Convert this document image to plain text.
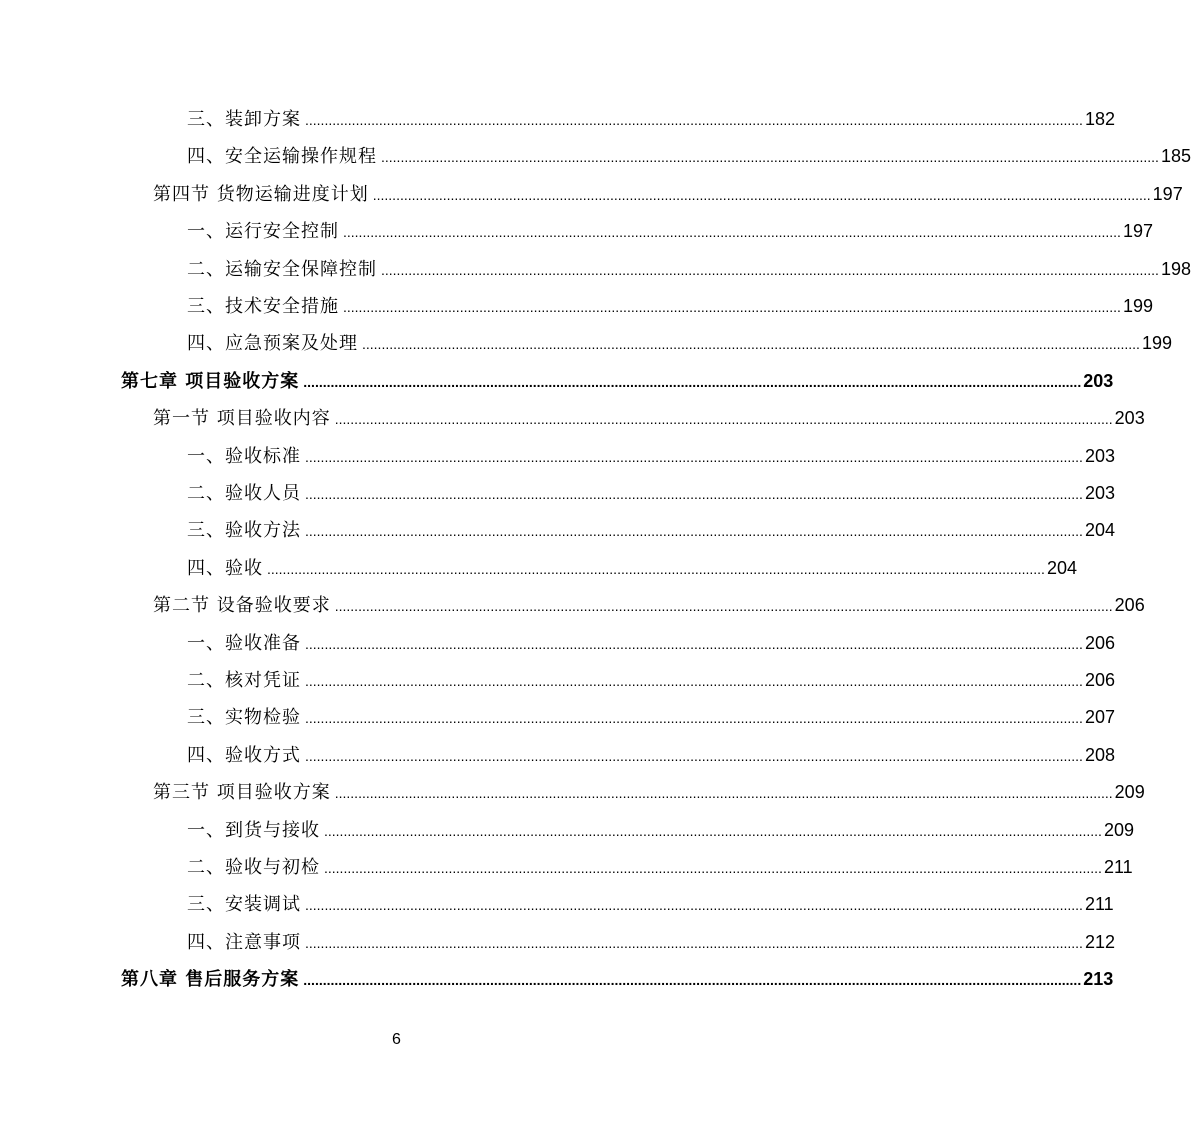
三、装卸方案 ........................................................................................................................................................................................................ 182
四、安全运输操作规程 ........................................................................................................................................................................................................ 185
第四节 货物运输进度计划 ........................................................................................................................................................................................................ 197
一、运行安全控制 ........................................................................................................................................................................................................ 197
二、运输安全保障控制 ........................................................................................................................................................................................................ 198
三、技术安全措施 ........................................................................................................................................................................................................ 199
四、应急预案及处理 ........................................................................................................................................................................................................ 199
第七章 项目验收方案 ........................................................................................................................................................................................................ 203
第一节 项目验收内容 ........................................................................................................................................................................................................ 203
一、验收标准 ........................................................................................................................................................................................................ 203
二、验收人员 ........................................................................................................................................................................................................ 203
三、验收方法 ........................................................................................................................................................................................................ 204
四、验收 ........................................................................................................................................................................................................ 204
第二节 设备验收要求 ........................................................................................................................................................................................................ 206
一、验收准备 ........................................................................................................................................................................................................ 206
二、核对凭证 ........................................................................................................................................................................................................ 206
三、实物检验 ........................................................................................................................................................................................................ 207
四、验收方式 ........................................................................................................................................................................................................ 208
第三节 项目验收方案 ........................................................................................................................................................................................................ 209
一、到货与接收 ........................................................................................................................................................................................................ 209
二、验收与初检 ........................................................................................................................................................................................................ 211
三、安装调试 ........................................................................................................................................................................................................ 211
四、注意事项 ........................................................................................................................................................................................................ 212
第八章 售后服务方案 ........................................................................................................................................................................................................ 213
6
